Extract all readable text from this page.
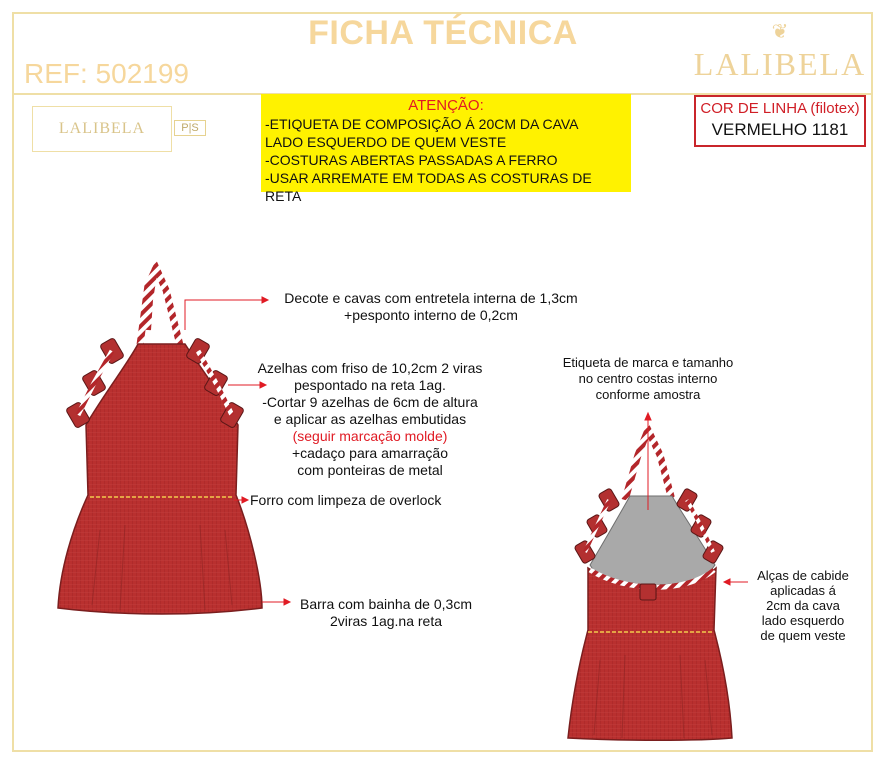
FICHA TÉCNICA
REF: 502199
❦
LALIBELA
LALIBELA	P|S
ATENÇÃO:
-ETIQUETA DE COMPOSIÇÃO Á 20CM DA CAVA
LADO ESQUERDO DE QUEM VESTE
-COSTURAS ABERTAS PASSADAS A FERRO
-USAR ARREMATE EM TODAS AS COSTURAS DE RETA
COR DE LINHA (filotex)
VERMELHO 1181
Decote e cavas com entretela interna de 1,3cm
+pesponto interno de 0,2cm
Azelhas com friso de 10,2cm 2 viras
pespontado na reta 1ag.
-Cortar 9 azelhas de 6cm de altura
e aplicar as azelhas embutidas
(seguir marcação molde)
+cadaço para amarração
com ponteiras de metal
Forro com limpeza de overlock
Barra com bainha de 0,3cm
2viras 1ag.na reta
Etiqueta de marca e tamanho
no centro costas interno
conforme amostra
Alças de cabide
aplicadas á
2cm da cava
lado esquerdo
de quem veste
